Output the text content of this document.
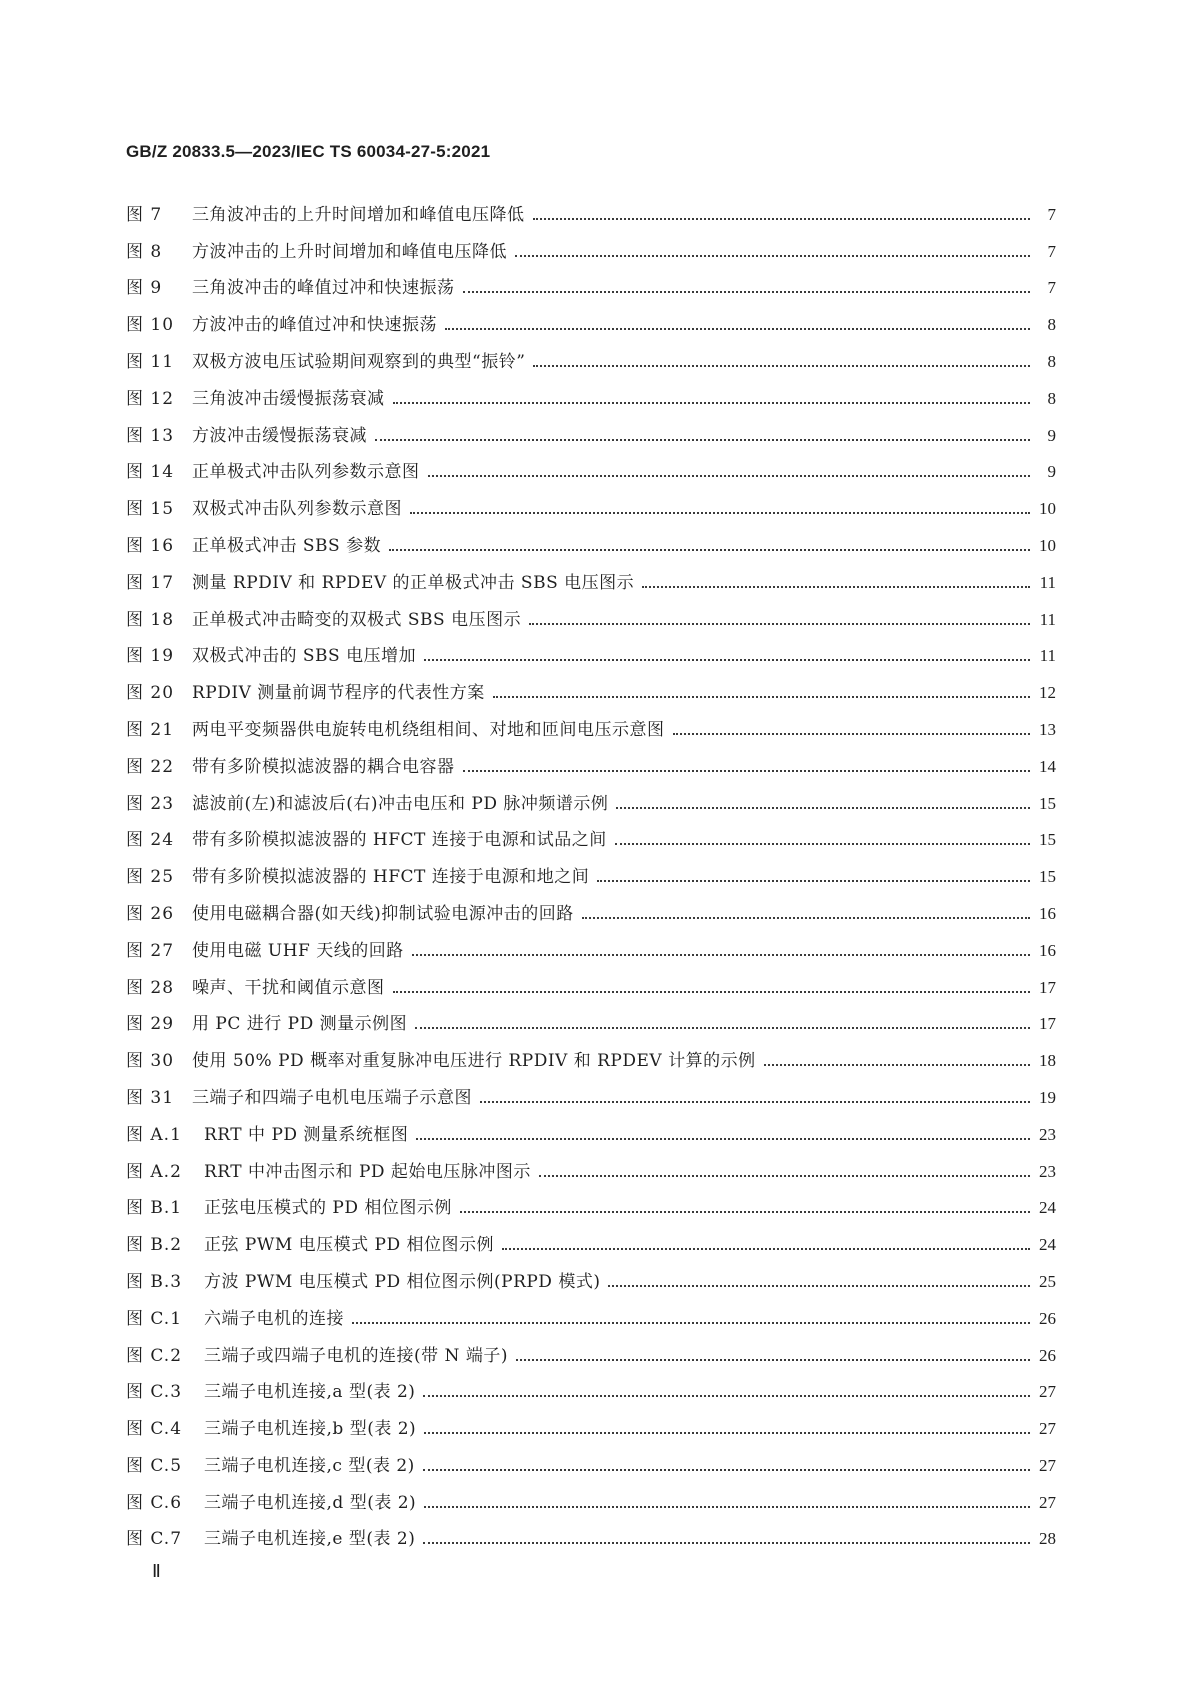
GB/Z 20833.5—2023/IEC TS 60034-27-5:2021
图 7	三角波冲击的上升时间增加和峰值电压降低	7
图 8	方波冲击的上升时间增加和峰值电压降低	7
图 9	三角波冲击的峰值过冲和快速振荡	7
图 10	方波冲击的峰值过冲和快速振荡	8
图 11	双极方波电压试验期间观察到的典型“振铃”	8
图 12	三角波冲击缓慢振荡衰减	8
图 13	方波冲击缓慢振荡衰减	9
图 14	正单极式冲击队列参数示意图	9
图 15	双极式冲击队列参数示意图	10
图 16	正单极式冲击 SBS 参数	10
图 17	测量 RPDIV 和 RPDEV 的正单极式冲击 SBS 电压图示	11
图 18	正单极式冲击畸变的双极式 SBS 电压图示	11
图 19	双极式冲击的 SBS 电压增加	11
图 20	RPDIV 测量前调节程序的代表性方案	12
图 21	两电平变频器供电旋转电机绕组相间、对地和匝间电压示意图	13
图 22	带有多阶模拟滤波器的耦合电容器	14
图 23	滤波前(左)和滤波后(右)冲击电压和 PD 脉冲频谱示例	15
图 24	带有多阶模拟滤波器的 HFCT 连接于电源和试品之间	15
图 25	带有多阶模拟滤波器的 HFCT 连接于电源和地之间	15
图 26	使用电磁耦合器(如天线)抑制试验电源冲击的回路	16
图 27	使用电磁 UHF 天线的回路	16
图 28	噪声、干扰和阈值示意图	17
图 29	用 PC 进行 PD 测量示例图	17
图 30	使用 50% PD 概率对重复脉冲电压进行 RPDIV 和 RPDEV 计算的示例	18
图 31	三端子和四端子电机电压端子示意图	19
图 A.1	RRT 中 PD 测量系统框图	23
图 A.2	RRT 中冲击图示和 PD 起始电压脉冲图示	23
图 B.1	正弦电压模式的 PD 相位图示例	24
图 B.2	正弦 PWM 电压模式 PD 相位图示例	24
图 B.3	方波 PWM 电压模式 PD 相位图示例(PRPD 模式)	25
图 C.1	六端子电机的连接	26
图 C.2	三端子或四端子电机的连接(带 N 端子)	26
图 C.3	三端子电机连接,a 型(表 2)	27
图 C.4	三端子电机连接,b 型(表 2)	27
图 C.5	三端子电机连接,c 型(表 2)	27
图 C.6	三端子电机连接,d 型(表 2)	27
图 C.7	三端子电机连接,e 型(表 2)	28
Ⅱ
